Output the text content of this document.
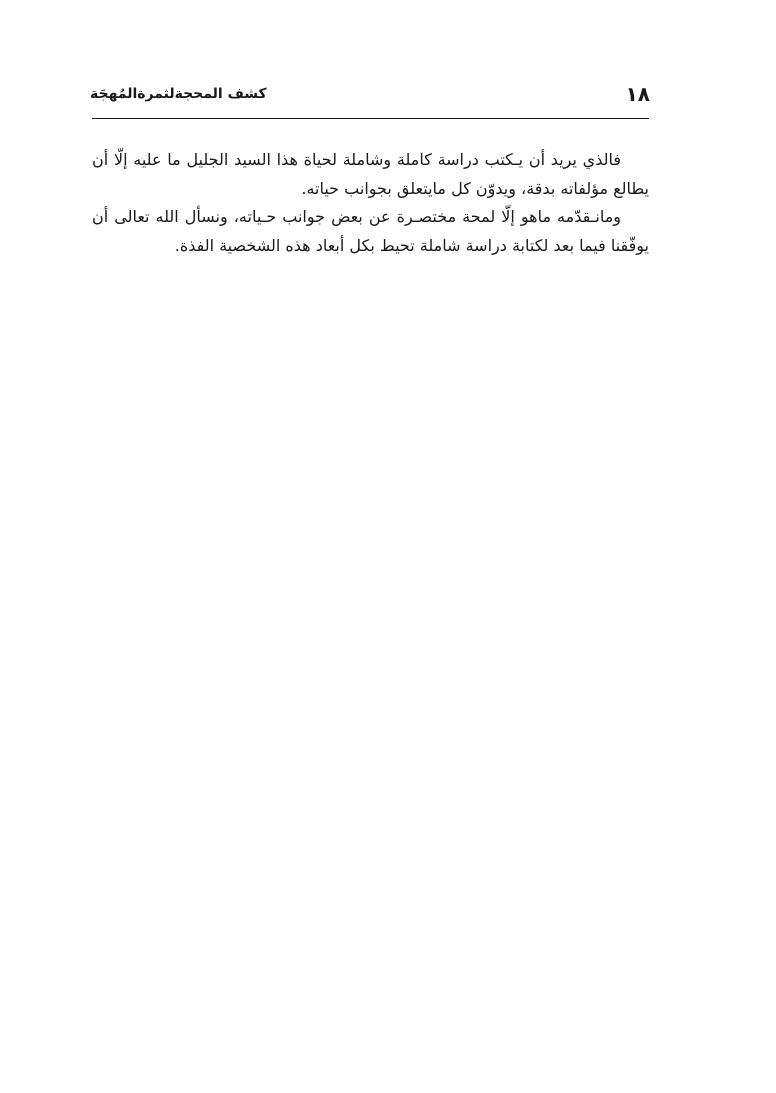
١٨
كشف المحجةلثمرةالمُهجَة

فالذي يريد أن يـكتب دراسة كاملة وشاملة لحياة هذا السيد الجليل ما عليه إلّا أن يطالع مؤلفاته بدقة، ويدوّن كل مايتعلق بجوانب حياته.

ومانـقدّمه ماهو إلّا لمحة مختصـرة عن بعض جوانب حـياته، ونسأل الله تعالى أن يوفّقنا فيما بعد لكتابة دراسة شاملة تحيط بكل أبعاد هذه الشخصية الفذة.
